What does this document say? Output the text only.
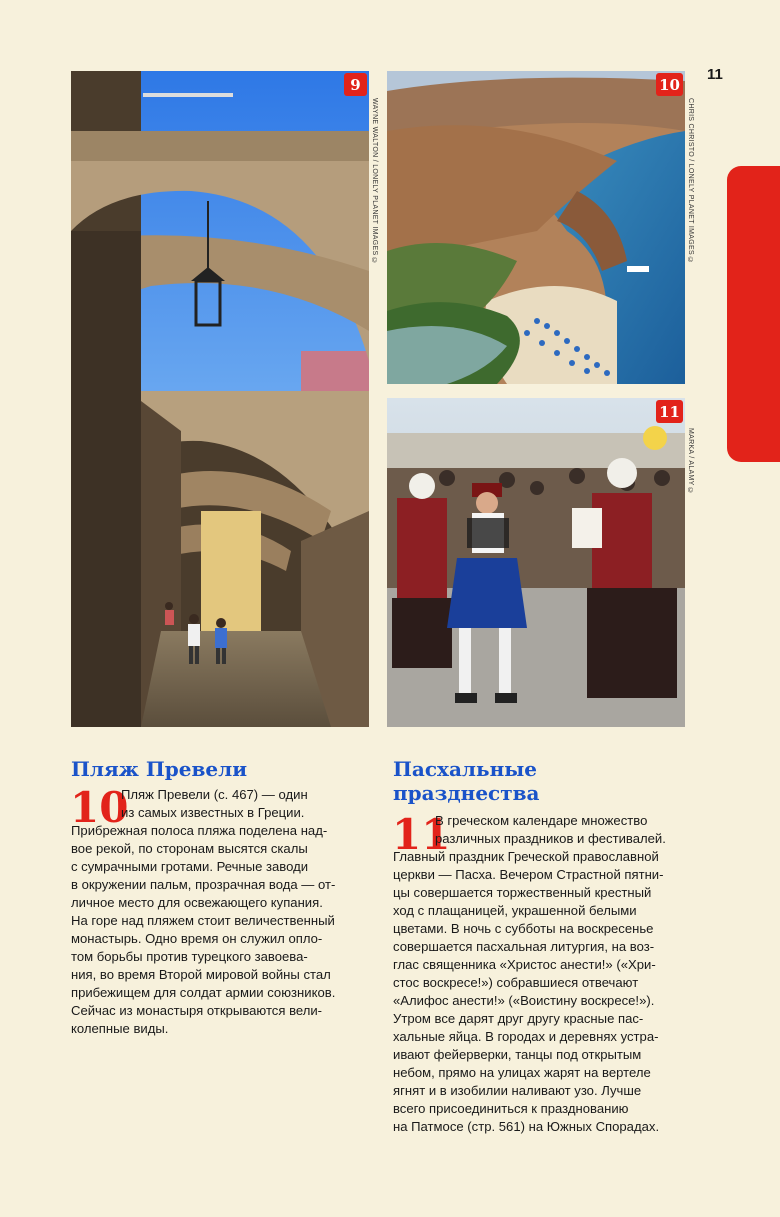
11
9
WAYNE WALTON / LONELY PLANET IMAGES ©
10
CHRIS CHRISTO / LONELY PLANET IMAGES ©
11
MARKA / ALAMY ©
Пляж Превели
10
Пляж Превели (с. 467) — один
из самых известных в Греции.
Прибрежная полоса пляжа поделена над-
вое рекой, по сторонам высятся скалы
с сумрачными гротами. Речные заводи
в окружении пальм, прозрачная вода — от-
личное место для освежающего купания.
На горе над пляжем стоит величественный
монастырь. Одно время он служил опло-
том борьбы против турецкого завоева-
ния, во время Второй мировой войны стал
прибежищем для солдат армии союзников.
Сейчас из монастыря открываются вели-
колепные виды.
Пасхальные
празднества
11
В греческом календаре множество
различных праздников и фестивалей.
Главный праздник Греческой православной
церкви — Пасха. Вечером Страстной пятни-
цы совершается торжественный крестный
ход с плащаницей, украшенной белыми
цветами. В ночь с субботы на воскресенье
совершается пасхальная литургия, на воз-
глас священника «Христос анести!» («Хри-
стос воскресе!») собравшиеся отвечают
«Алифос анести!» («Воистину воскресе!»).
Утром все дарят друг другу красные пас-
хальные яйца. В городах и деревнях устра-
ивают фейерверки, танцы под открытым
небом, прямо на улицах жарят на вертеле
ягнят и в изобилии наливают узо. Лучше
всего присоединиться к празднованию
на Патмосе (стр. 561) на Южных Спорадах.
